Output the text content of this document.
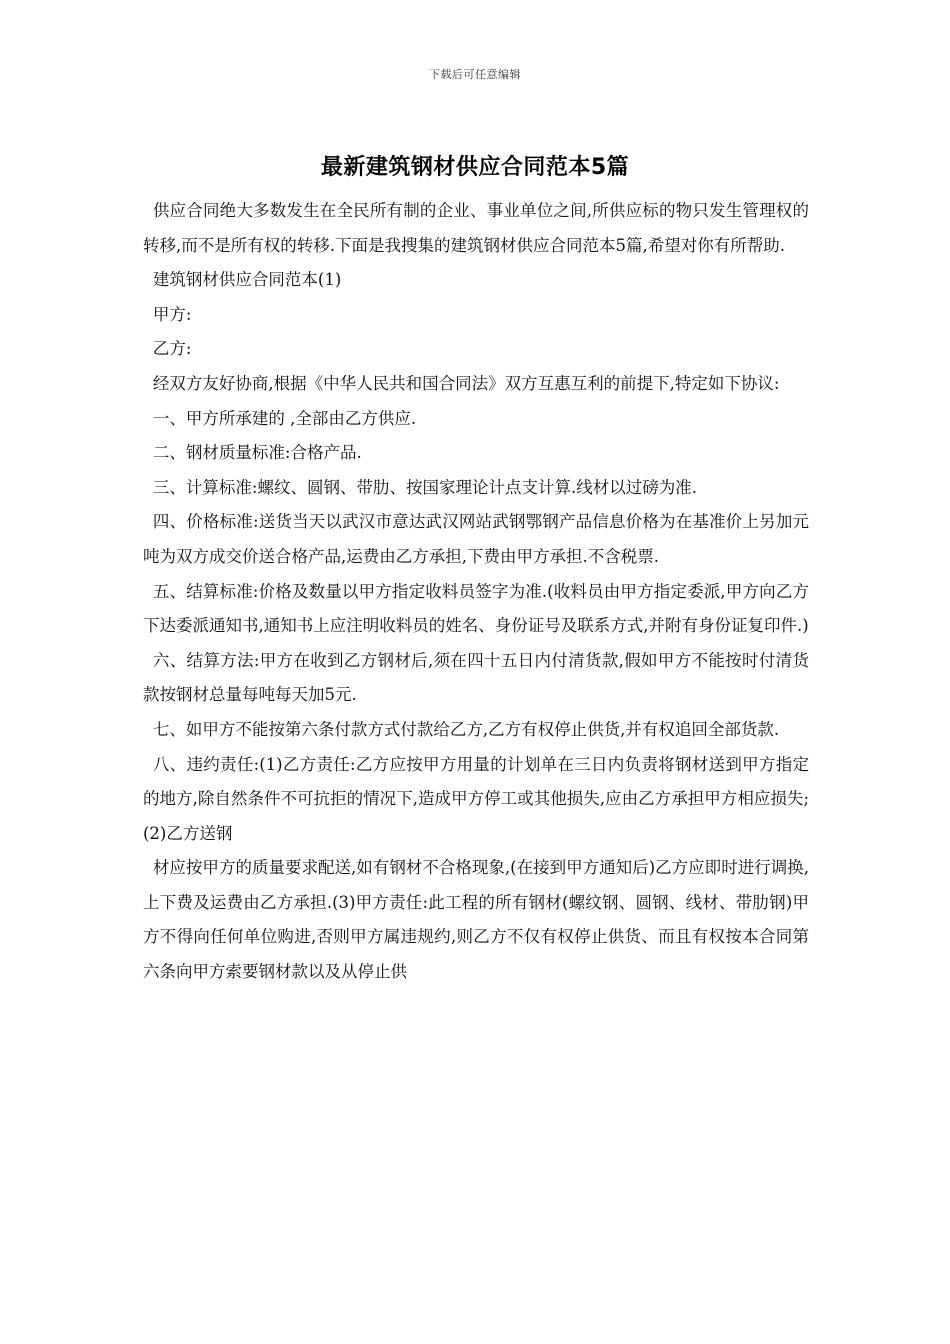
下载后可任意编辑
最新建筑钢材供应合同范本5篇

供应合同绝大多数发生在全民所有制的企业、事业单位之间,所供应标的物只发生管理权的转移,而不是所有权的转移.下面是我搜集的建筑钢材供应合同范本5篇,希望对你有所帮助.

建筑钢材供应合同范本(1)

甲方:

乙方:

经双方友好协商,根据《中华人民共和国合同法》双方互惠互利的前提下,特定如下协议:

一、甲方所承建的 ,全部由乙方供应.

二、钢材质量标准:合格产品.

三、计算标准:螺纹、圆钢、带肋、按国家理论计点支计算.线材以过磅为准.

四、价格标准:送货当天以武汉市意达武汉网站武钢鄂钢产品信息价格为在基准价上另加元吨为双方成交价送合格产品,运费由乙方承担,下费由甲方承担.不含税票.

五、结算标准:价格及数量以甲方指定收料员签字为准.(收料员由甲方指定委派,甲方向乙方下达委派通知书,通知书上应注明收料员的姓名、身份证号及联系方式,并附有身份证复印件.)

六、结算方法:甲方在收到乙方钢材后,须在四十五日内付清货款,假如甲方不能按时付清货款按钢材总量每吨每天加5元.

七、如甲方不能按第六条付款方式付款给乙方,乙方有权停止供货,并有权追回全部货款.

八、违约责任:(1)乙方责任:乙方应按甲方用量的计划单在三日内负责将钢材送到甲方指定的地方,除自然条件不可抗拒的情况下,造成甲方停工或其他损失,应由乙方承担甲方相应损失;(2)乙方送钢

材应按甲方的质量要求配送,如有钢材不合格现象,(在接到甲方通知后)乙方应即时进行调换,上下费及运费由乙方承担.(3)甲方责任:此工程的所有钢材(螺纹钢、圆钢、线材、带肋钢)甲方不得向任何单位购进,否则甲方属违规约,则乙方不仅有权停止供货、而且有权按本合同第六条向甲方索要钢材款以及从停止供
